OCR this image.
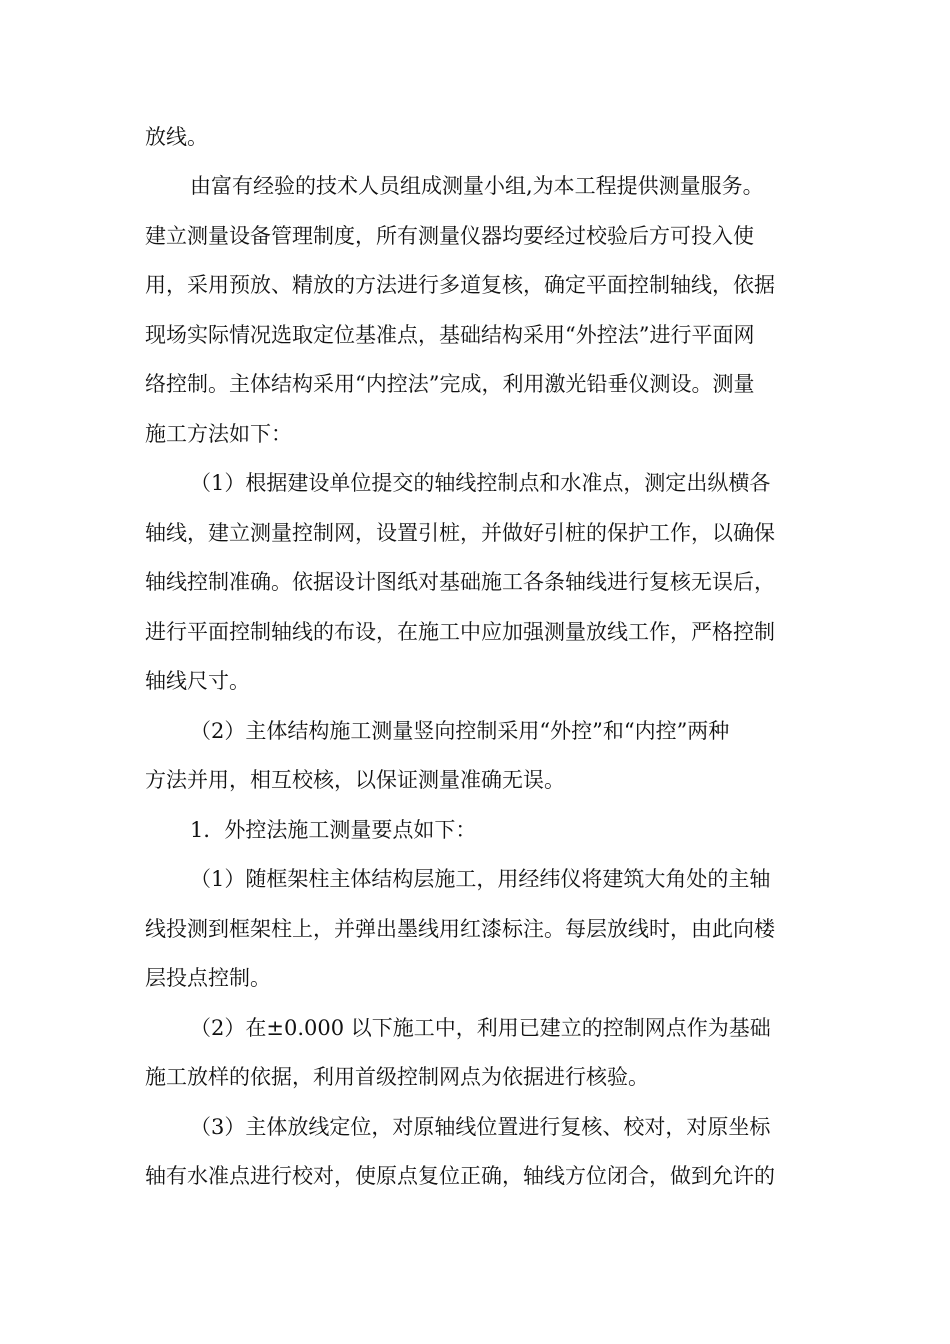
放线。
由富有经验的技术人员组成测量小组,为本工程提供测量服务。
建立测量设备管理制度，所有测量仪器均要经过校验后方可投入使
用，采用预放、精放的方法进行多道复核，确定平面控制轴线，依据
现场实际情况选取定位基准点，基础结构采用“外控法”进行平面网
络控制。主体结构采用“内控法”完成，利用激光铅垂仪测设。测量
施工方法如下：
（1）根据建设单位提交的轴线控制点和水准点，测定出纵横各
轴线，建立测量控制网，设置引桩，并做好引桩的保护工作，以确保
轴线控制准确。依据设计图纸对基础施工各条轴线进行复核无误后，
进行平面控制轴线的布设，在施工中应加强测量放线工作，严格控制
轴线尺寸。
（2）主体结构施工测量竖向控制采用“外控”和“内控”两种
方法并用，相互校核，以保证测量准确无误。
1．外控法施工测量要点如下：
（1）随框架柱主体结构层施工，用经纬仪将建筑大角处的主轴
线投测到框架柱上，并弹出墨线用红漆标注。每层放线时，由此向楼
层投点控制。
（2）在±0.000 以下施工中，利用已建立的控制网点作为基础
施工放样的依据，利用首级控制网点为依据进行核验。
（3）主体放线定位，对原轴线位置进行复核、校对，对原坐标
轴有水准点进行校对，使原点复位正确，轴线方位闭合，做到允许的
